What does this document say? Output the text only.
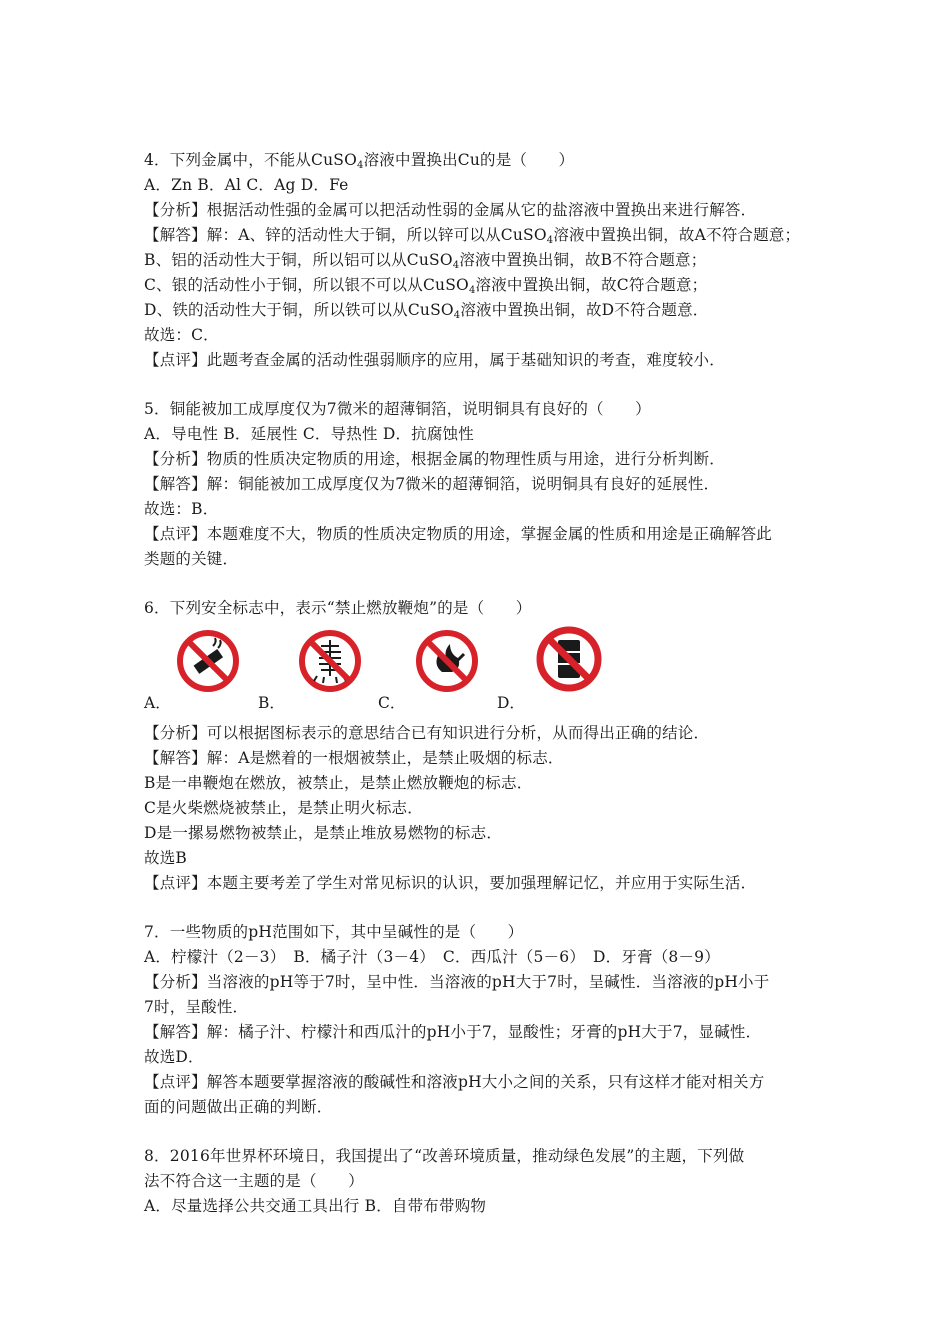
4．下列金属中，不能从CuSO$_4$溶液中置换出Cu的是（　　）
A．Zn B．Al C．Ag D．Fe
【分析】根据活动性强的金属可以把活动性弱的金属从它的盐溶液中置换出来进行解答．
【解答】解：A、锌的活动性大于铜，所以锌可以从CuSO$_4$溶液中置换出铜，故A不符合题意；
B、铝的活动性大于铜，所以铝可以从CuSO$_4$溶液中置换出铜，故B不符合题意；
C、银的活动性小于铜，所以银不可以从CuSO$_4$溶液中置换出铜，故C符合题意；
D、铁的活动性大于铜，所以铁可以从CuSO$_4$溶液中置换出铜，故D不符合题意．
故选：C．
【点评】此题考查金属的活动性强弱顺序的应用，属于基础知识的考查，难度较小．
5．铜能被加工成厚度仅为7微米的超薄铜箔，说明铜具有良好的（　　）
A．导电性 B．延展性 C．导热性 D．抗腐蚀性
【分析】物质的性质决定物质的用途，根据金属的物理性质与用途，进行分析判断．
【解答】解：铜能被加工成厚度仅为7微米的超薄铜箔，说明铜具有良好的延展性．
故选：B．
【点评】本题难度不大，物质的性质决定物质的用途，掌握金属的性质和用途是正确解答此
类题的关键．
6．下列安全标志中，表示“禁止燃放鞭炮”的是（　　）
A．	B．	C．	D．
【分析】可以根据图标表示的意思结合已有知识进行分析，从而得出正确的结论．
【解答】解：A是燃着的一根烟被禁止，是禁止吸烟的标志．
B是一串鞭炮在燃放，被禁止，是禁止燃放鞭炮的标志．
C是火柴燃烧被禁止，是禁止明火标志．
D是一摞易燃物被禁止，是禁止堆放易燃物的标志．
故选B
【点评】本题主要考差了学生对常见标识的认识，要加强理解记忆，并应用于实际生活．
7．一些物质的pH范围如下，其中呈碱性的是（　　）
A．柠檬汁（2－3）　B．橘子汁（3－4）　C．西瓜汁（5－6）　D．牙膏（8－9）
【分析】当溶液的pH等于7时，呈中性．当溶液的pH大于7时，呈碱性．当溶液的pH小于
7时，呈酸性．
【解答】解：橘子汁、柠檬汁和西瓜汁的pH小于7，显酸性；牙膏的pH大于7，显碱性．
故选D．
【点评】解答本题要掌握溶液的酸碱性和溶液pH大小之间的关系，只有这样才能对相关方
面的问题做出正确的判断．
8．2016年世界杯环境日，我国提出了“改善环境质量，推动绿色发展”的主题，下列做
法不符合这一主题的是（　　）
A．尽量选择公共交通工具出行 B．自带布带购物
